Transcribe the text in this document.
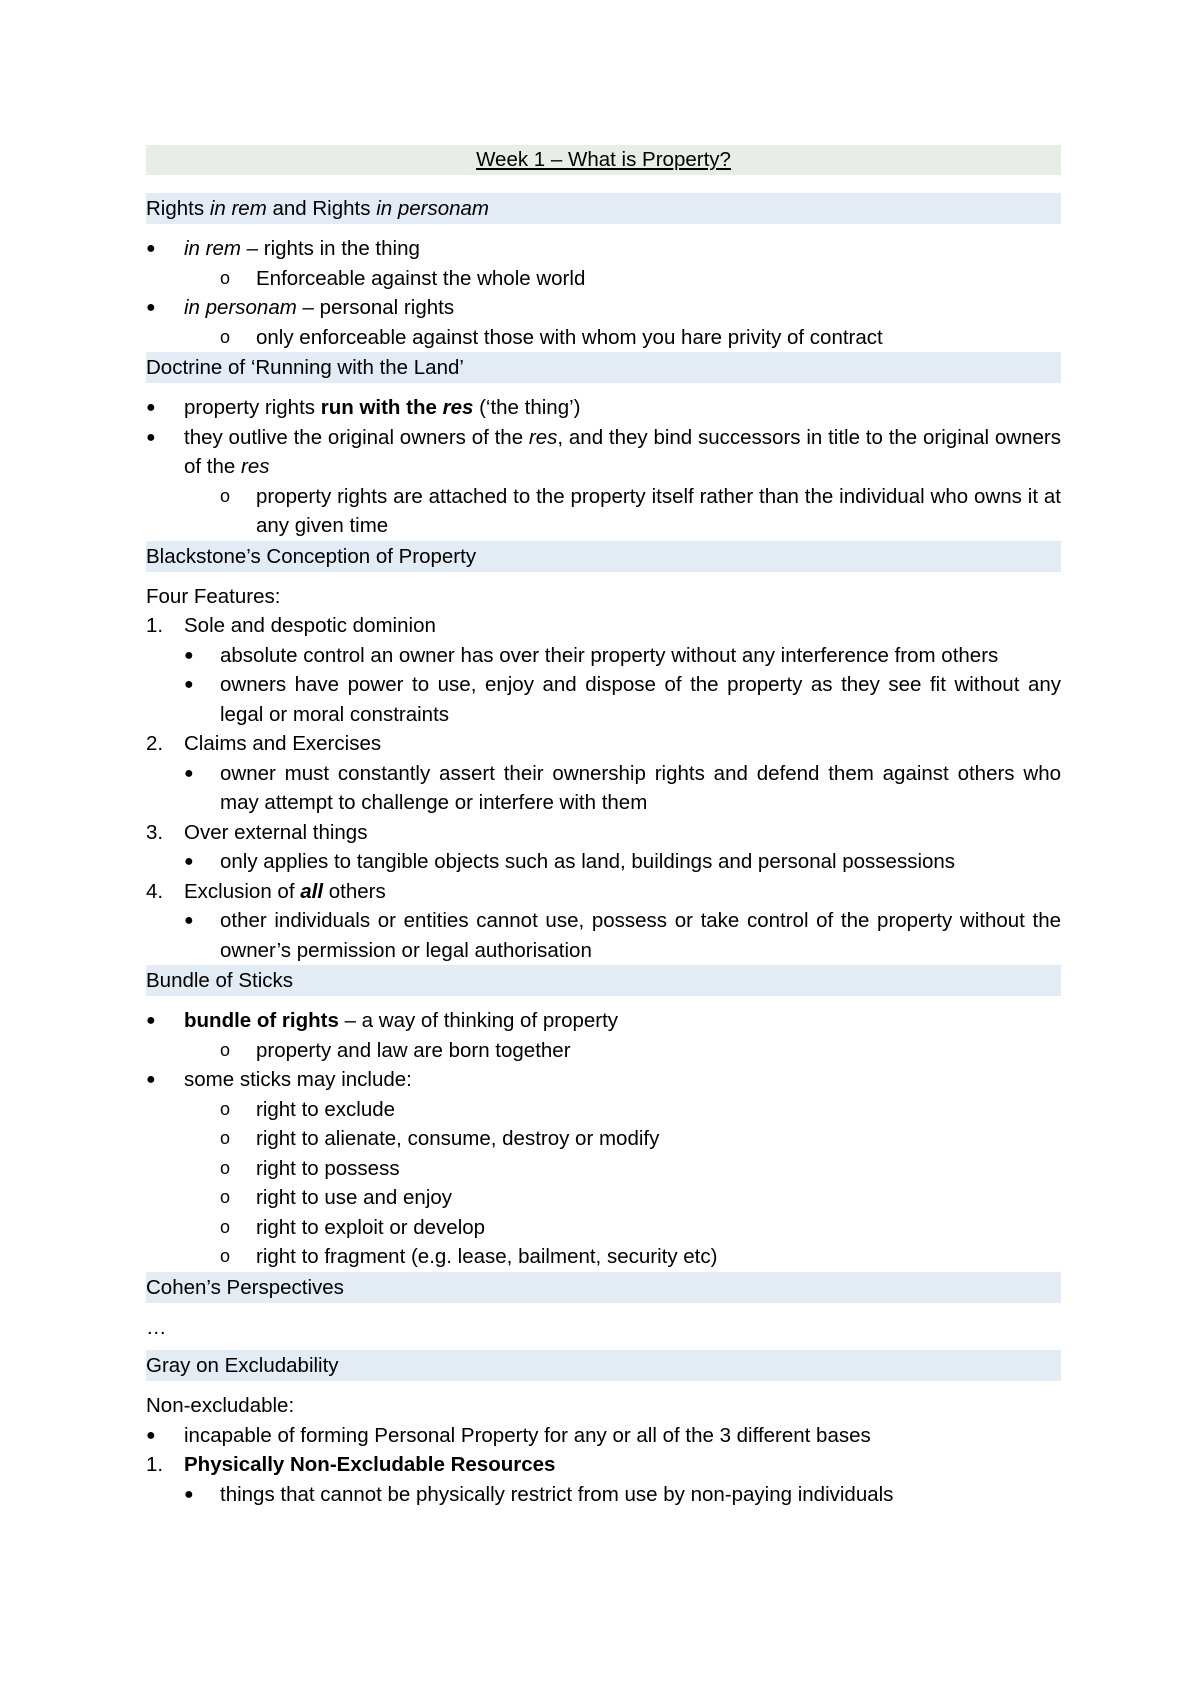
Week 1 – What is Property?
Rights in rem and Rights in personam
● in rem – rights in the thing
o Enforceable against the whole world
● in personam – personal rights
o only enforceable against those with whom you hare privity of contract
Doctrine of ‘Running with the Land’
● property rights run with the res (‘the thing’)
● they outlive the original owners of the res, and they bind successors in title to the original owners of the res
o property rights are attached to the property itself rather than the individual who owns it at any given time
Blackstone’s Conception of Property
Four Features:
1. Sole and despotic dominion
● absolute control an owner has over their property without any interference from others
● owners have power to use, enjoy and dispose of the property as they see fit without any legal or moral constraints
2. Claims and Exercises
● owner must constantly assert their ownership rights and defend them against others who may attempt to challenge or interfere with them
3. Over external things
● only applies to tangible objects such as land, buildings and personal possessions
4. Exclusion of all others
● other individuals or entities cannot use, possess or take control of the property without the owner’s permission or legal authorisation
Bundle of Sticks
● bundle of rights – a way of thinking of property
o property and law are born together
● some sticks may include:
o right to exclude
o right to alienate, consume, destroy or modify
o right to possess
o right to use and enjoy
o right to exploit or develop
o right to fragment (e.g. lease, bailment, security etc)
Cohen’s Perspectives
…
Gray on Excludability
Non-excludable:
● incapable of forming Personal Property for any or all of the 3 different bases
1. Physically Non-Excludable Resources
● things that cannot be physically restrict from use by non-paying individuals
